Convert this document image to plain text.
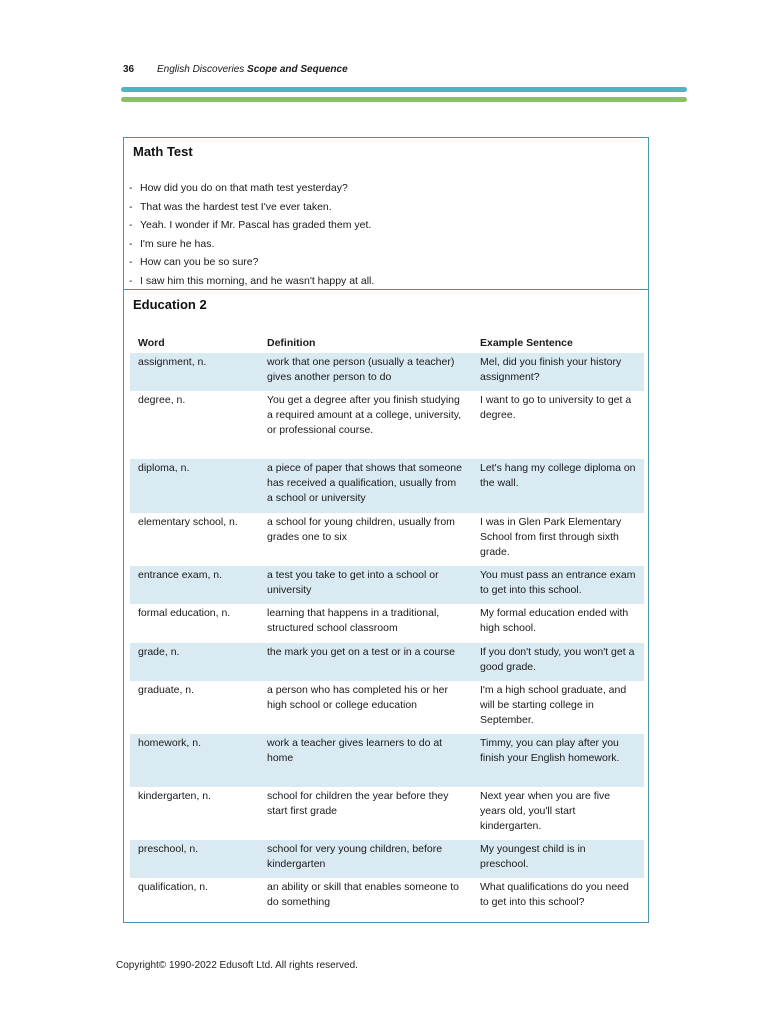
36 English Discoveries Scope and Sequence
Math Test
- How did you do on that math test yesterday?
- That was the hardest test I've ever taken.
- Yeah. I wonder if Mr. Pascal has graded them yet.
- I'm sure he has.
- How can you be so sure?
- I saw him this morning, and he wasn't happy at all.
Education 2
Word	Definition	Example Sentence
assignment, n.	work that one person (usually a teacher) gives another person to do	Mel, did you finish your history assignment?
degree, n.	You get a degree after you finish studying a required amount at a college, university, or professional course.	I want to go to university to get a degree.
diploma, n.	a piece of paper that shows that someone has received a qualification, usually from a school or university	Let's hang my college diploma on the wall.
elementary school, n.	a school for young children, usually from grades one to six	I was in Glen Park Elementary School from first through sixth grade.
entrance exam, n.	a test you take to get into a school or university	You must pass an entrance exam to get into this school.
formal education, n.	learning that happens in a traditional, structured school classroom	My formal education ended with high school.
grade, n.	the mark you get on a test or in a course	If you don't study, you won't get a good grade.
graduate, n.	a person who has completed his or her high school or college education	I'm a high school graduate, and will be starting college in September.
homework, n.	work a teacher gives learners to do at home	Timmy, you can play after you finish your English homework.
kindergarten, n.	school for children the year before they start first grade	Next year when you are five years old, you'll start kindergarten.
preschool, n.	school for very young children, before kindergarten	My youngest child is in preschool.
qualification, n.	an ability or skill that enables someone to do something	What qualifications do you need to get into this school?
Copyright© 1990-2022 Edusoft Ltd. All rights reserved.
